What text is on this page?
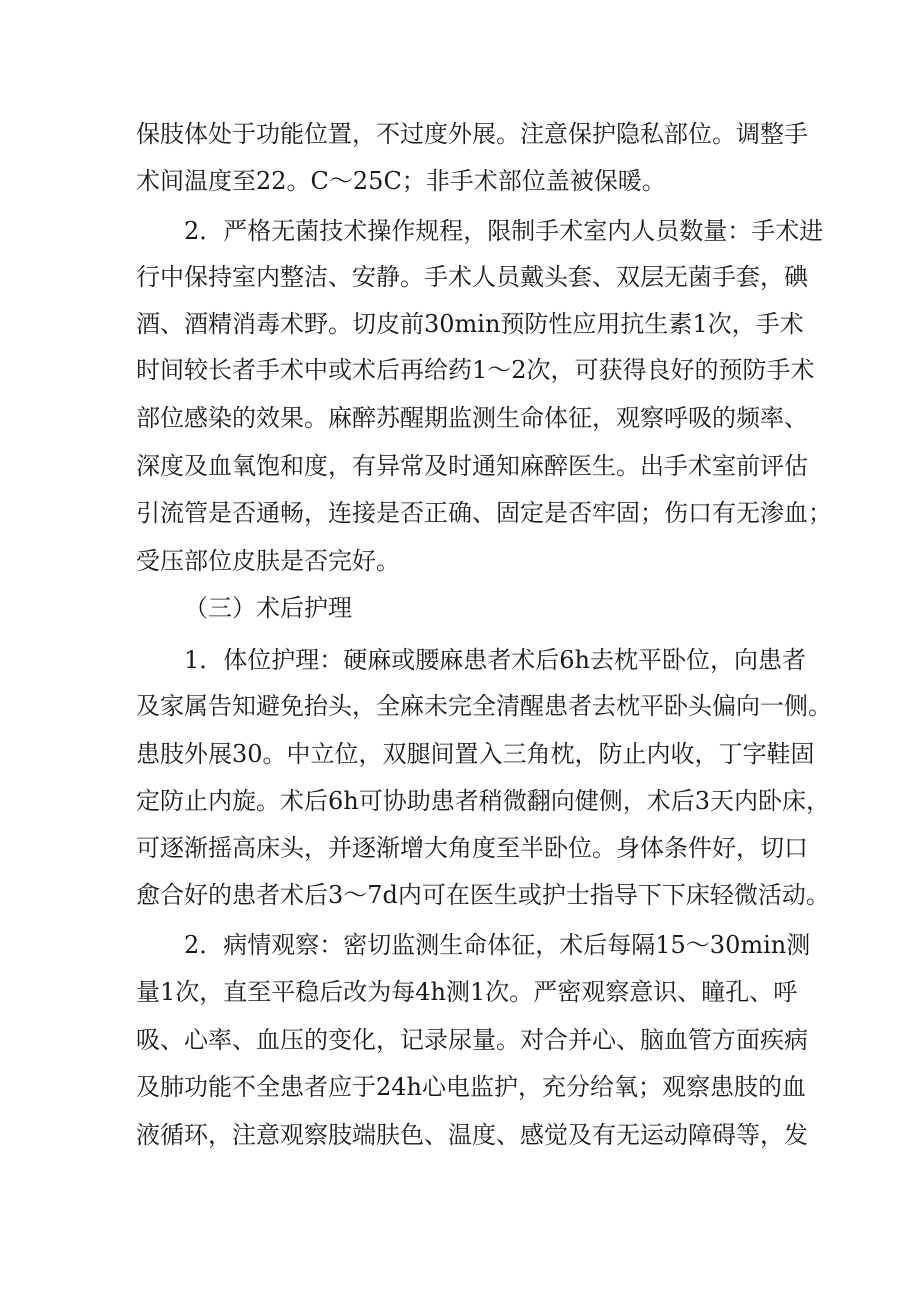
保肢体处于功能位置，不过度外展。注意保护隐私部位。调整手
术间温度至22。C～25C；非手术部位盖被保暖。
2．严格无菌技术操作规程，限制手术室内人员数量：手术进
行中保持室内整洁、安静。手术人员戴头套、双层无菌手套，碘
酒、酒精消毒术野。切皮前30min预防性应用抗生素1次，手术
时间较长者手术中或术后再给药1～2次，可获得良好的预防手术
部位感染的效果。麻醉苏醒期监测生命体征，观察呼吸的频率、
深度及血氧饱和度，有异常及时通知麻醉医生。出手术室前评估
引流管是否通畅，连接是否正确、固定是否牢固；伤口有无渗血；
受压部位皮肤是否完好。
（三）术后护理
1．体位护理：硬麻或腰麻患者术后6h去枕平卧位，向患者
及家属告知避免抬头，全麻未完全清醒患者去枕平卧头偏向一侧。
患肢外展30。中立位，双腿间置入三角枕，防止内收，丁字鞋固
定防止内旋。术后6h可协助患者稍微翻向健侧，术后3天内卧床，
可逐渐摇高床头，并逐渐增大角度至半卧位。身体条件好，切口
愈合好的患者术后3～7d内可在医生或护士指导下下床轻微活动。
2．病情观察：密切监测生命体征，术后每隔15～30min测
量1次，直至平稳后改为每4h测1次。严密观察意识、瞳孔、呼
吸、心率、血压的变化，记录尿量。对合并心、脑血管方面疾病
及肺功能不全患者应于24h心电监护，充分给氧；观察患肢的血
液循环，注意观察肢端肤色、温度、感觉及有无运动障碍等，发
